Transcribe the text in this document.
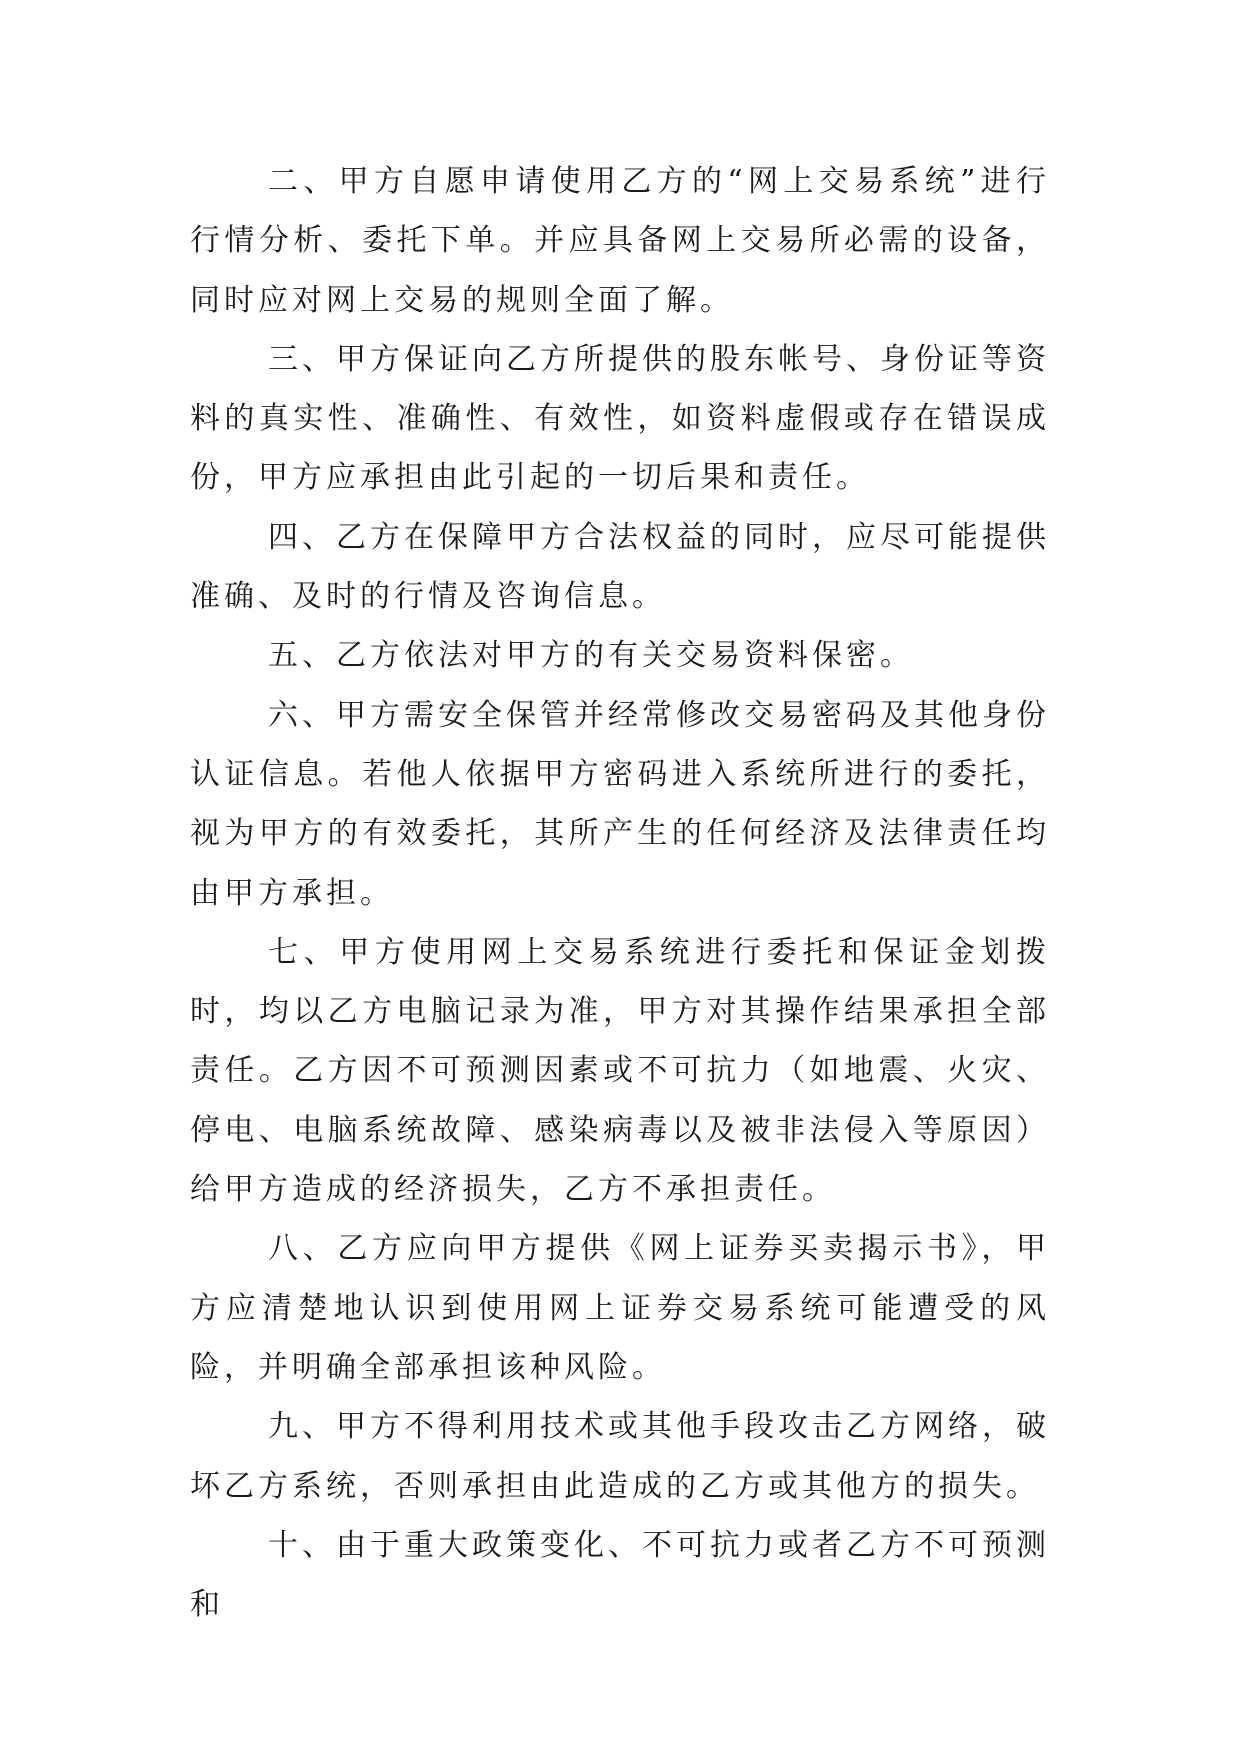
二、甲方自愿申请使用乙方的“网上交易系统”进行行情分析、委托下单。并应具备网上交易所必需的设备，同时应对网上交易的规则全面了解。

三、甲方保证向乙方所提供的股东帐号、身份证等资料的真实性、准确性、有效性，如资料虚假或存在错误成份，甲方应承担由此引起的一切后果和责任。

四、乙方在保障甲方合法权益的同时，应尽可能提供准确、及时的行情及咨询信息。

五、乙方依法对甲方的有关交易资料保密。

六、甲方需安全保管并经常修改交易密码及其他身份认证信息。若他人依据甲方密码进入系统所进行的委托，视为甲方的有效委托，其所产生的任何经济及法律责任均由甲方承担。

七、甲方使用网上交易系统进行委托和保证金划拨时，均以乙方电脑记录为准，甲方对其操作结果承担全部责任。乙方因不可预测因素或不可抗力（如地震、火灾、停电、电脑系统故障、感染病毒以及被非法侵入等原因）给甲方造成的经济损失，乙方不承担责任。

八、乙方应向甲方提供《网上证券买卖揭示书》，甲方应清楚地认识到使用网上证券交易系统可能遭受的风险，并明确全部承担该种风险。

九、甲方不得利用技术或其他手段攻击乙方网络，破坏乙方系统，否则承担由此造成的乙方或其他方的损失。

十、由于重大政策变化、不可抗力或者乙方不可预测和
